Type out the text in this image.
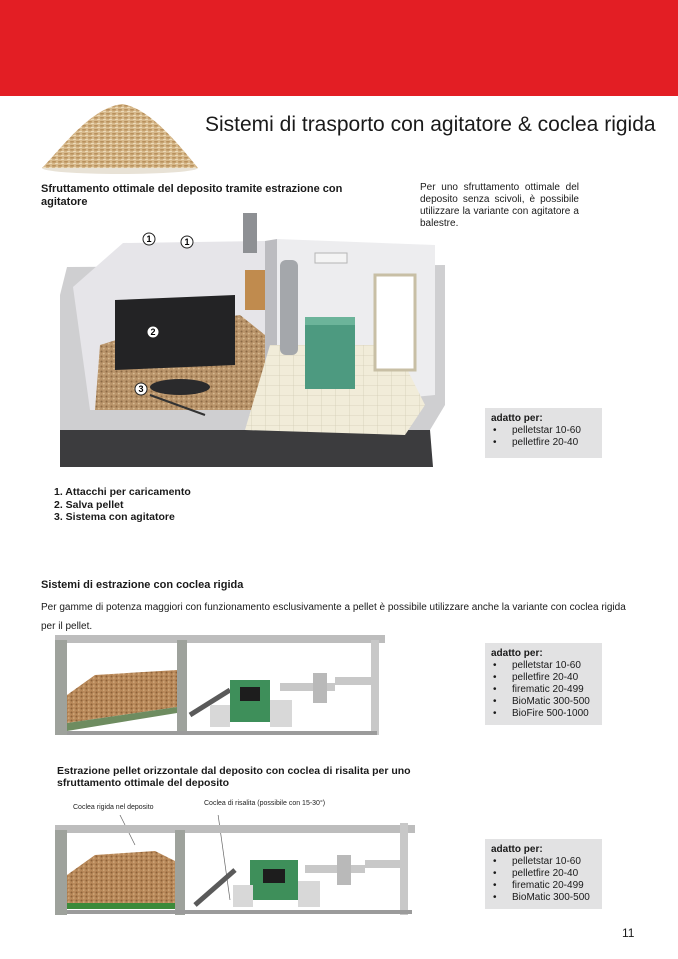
Sistemi di trasporto con agitatore & coclea rigida
Sfruttamento ottimale del deposito tramite estrazione con agitatore
Per uno sfruttamento ottimale del deposito senza scivoli, è possibile utilizzare la variante con agitatore a balestre.
1	1
2
3
adatto per:
• pelletstar 10-60
• pelletfire 20-40
1. Attacchi per caricamento
2. Salva pellet
3. Sistema con agitatore
Sistemi di estrazione con coclea rigida
Per gamme di potenza maggiori con funzionamento esclusivamente a pellet è possibile utilizzare anche la variante con coclea rigida per il pellet.
adatto per:
• pelletstar 10-60
• pelletfire 20-40
• firematic 20-499
• BioMatic 300-500
• BioFire 500-1000
Estrazione pellet orizzontale dal deposito con coclea di risalita per uno sfruttamento ottimale del deposito
Coclea rigida nel deposito
Coclea di risalita (possibile con 15-30°)
adatto per:
• pelletstar 10-60
• pelletfire 20-40
• firematic 20-499
• BioMatic 300-500
11
